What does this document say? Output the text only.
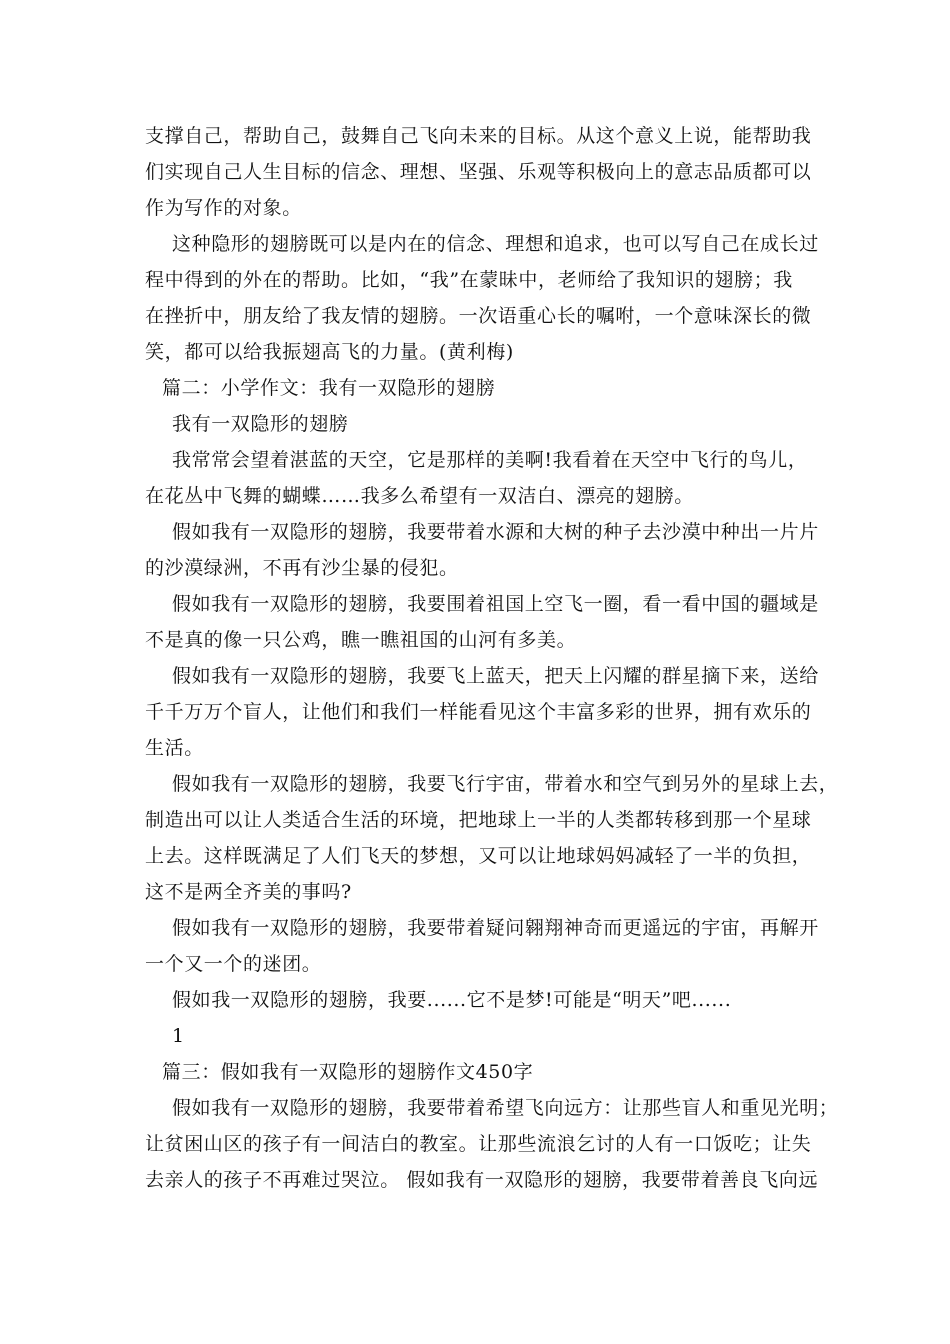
支撑自己，帮助自己，鼓舞自己飞向未来的目标。从这个意义上说，能帮助我
们实现自己人生目标的信念、理想、坚强、乐观等积极向上的意志品质都可以
作为写作的对象。
这种隐形的翅膀既可以是内在的信念、理想和追求，也可以写自己在成长过
程中得到的外在的帮助。比如，“我”在蒙昧中，老师给了我知识的翅膀；我
在挫折中，朋友给了我友情的翅膀。一次语重心长的嘱咐，一个意味深长的微
笑，都可以给我振翅高飞的力量。(黄利梅)
篇二：小学作文：我有一双隐形的翅膀
我有一双隐形的翅膀
我常常会望着湛蓝的天空，它是那样的美啊!我看着在天空中飞行的鸟儿，
在花丛中飞舞的蝴蝶……我多么希望有一双洁白、漂亮的翅膀。
假如我有一双隐形的翅膀，我要带着水源和大树的种子去沙漠中种出一片片
的沙漠绿洲，不再有沙尘暴的侵犯。
假如我有一双隐形的翅膀，我要围着祖国上空飞一圈，看一看中国的疆域是
不是真的像一只公鸡，瞧一瞧祖国的山河有多美。
假如我有一双隐形的翅膀，我要飞上蓝天，把天上闪耀的群星摘下来，送给
千千万万个盲人，让他们和我们一样能看见这个丰富多彩的世界，拥有欢乐的
生活。
假如我有一双隐形的翅膀，我要飞行宇宙，带着水和空气到另外的星球上去，
制造出可以让人类适合生活的环境，把地球上一半的人类都转移到那一个星球
上去。这样既满足了人们飞天的梦想，又可以让地球妈妈减轻了一半的负担，
这不是两全齐美的事吗?
假如我有一双隐形的翅膀，我要带着疑问翱翔神奇而更遥远的宇宙，再解开
一个又一个的迷团。
假如我一双隐形的翅膀，我要......它不是梦!可能是“明天”吧......
1
篇三：假如我有一双隐形的翅膀作文450字
假如我有一双隐形的翅膀，我要带着希望飞向远方：让那些盲人和重见光明；
让贫困山区的孩子有一间洁白的教室。让那些流浪乞讨的人有一口饭吃；让失
去亲人的孩子不再难过哭泣。 假如我有一双隐形的翅膀，我要带着善良飞向远
